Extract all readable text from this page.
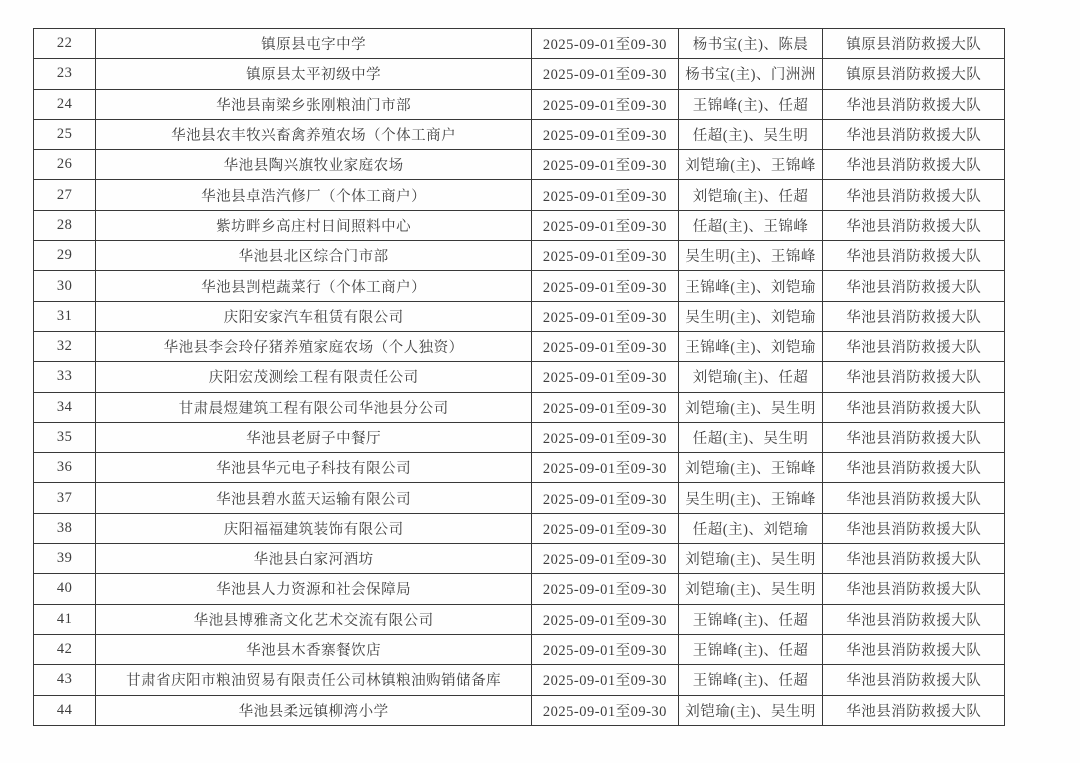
22	镇原县屯字中学	2025-09-01至09-30	杨书宝(主)、陈晨	镇原县消防救援大队
23	镇原县太平初级中学	2025-09-01至09-30	杨书宝(主)、门洲洲	镇原县消防救援大队
24	华池县南梁乡张刚粮油门市部	2025-09-01至09-30	王锦峰(主)、任超	华池县消防救援大队
25	华池县农丰牧兴畜禽养殖农场（个体工商户	2025-09-01至09-30	任超(主)、吴生明	华池县消防救援大队
26	华池县陶兴旗牧业家庭农场	2025-09-01至09-30	刘铠瑜(主)、王锦峰	华池县消防救援大队
27	华池县卓浩汽修厂（个体工商户）	2025-09-01至09-30	刘铠瑜(主)、任超	华池县消防救援大队
28	紫坊畔乡高庄村日间照料中心	2025-09-01至09-30	任超(主)、王锦峰	华池县消防救援大队
29	华池县北区综合门市部	2025-09-01至09-30	吴生明(主)、王锦峰	华池县消防救援大队
30	华池县剀桤蔬菜行（个体工商户）	2025-09-01至09-30	王锦峰(主)、刘铠瑜	华池县消防救援大队
31	庆阳安家汽车租赁有限公司	2025-09-01至09-30	吴生明(主)、刘铠瑜	华池县消防救援大队
32	华池县李会玲仔猪养殖家庭农场（个人独资）	2025-09-01至09-30	王锦峰(主)、刘铠瑜	华池县消防救援大队
33	庆阳宏茂测绘工程有限责任公司	2025-09-01至09-30	刘铠瑜(主)、任超	华池县消防救援大队
34	甘肃晨煜建筑工程有限公司华池县分公司	2025-09-01至09-30	刘铠瑜(主)、吴生明	华池县消防救援大队
35	华池县老厨子中餐厅	2025-09-01至09-30	任超(主)、吴生明	华池县消防救援大队
36	华池县华元电子科技有限公司	2025-09-01至09-30	刘铠瑜(主)、王锦峰	华池县消防救援大队
37	华池县碧水蓝天运输有限公司	2025-09-01至09-30	吴生明(主)、王锦峰	华池县消防救援大队
38	庆阳福福建筑装饰有限公司	2025-09-01至09-30	任超(主)、刘铠瑜	华池县消防救援大队
39	华池县白家河酒坊	2025-09-01至09-30	刘铠瑜(主)、吴生明	华池县消防救援大队
40	华池县人力资源和社会保障局	2025-09-01至09-30	刘铠瑜(主)、吴生明	华池县消防救援大队
41	华池县博雅斋文化艺术交流有限公司	2025-09-01至09-30	王锦峰(主)、任超	华池县消防救援大队
42	华池县木香寨餐饮店	2025-09-01至09-30	王锦峰(主)、任超	华池县消防救援大队
43	甘肃省庆阳市粮油贸易有限责任公司林镇粮油购销储备库	2025-09-01至09-30	王锦峰(主)、任超	华池县消防救援大队
44	华池县柔远镇柳湾小学	2025-09-01至09-30	刘铠瑜(主)、吴生明	华池县消防救援大队
